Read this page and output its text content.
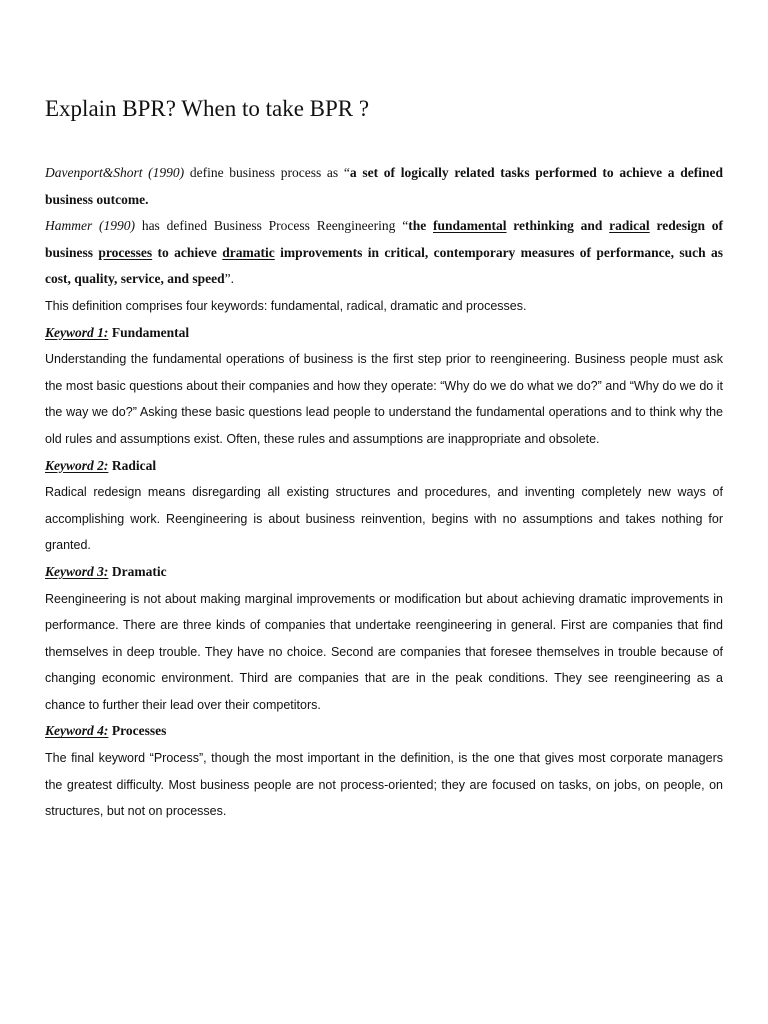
Explain BPR? When to take BPR ?

Davenport&Short (1990) define business process as “a set of logically related tasks performed to achieve a defined business outcome.

Hammer (1990) has defined Business Process Reengineering “the fundamental rethinking and radical redesign of business processes to achieve dramatic improvements in critical, contemporary measures of performance, such as cost, quality, service, and speed”.

This definition comprises four keywords: fundamental, radical, dramatic and processes.

Keyword 1: Fundamental

Understanding the fundamental operations of business is the first step prior to reengineering. Business people must ask the most basic questions about their companies and how they operate: “Why do we do what we do?” and “Why do we do it the way we do?” Asking these basic questions lead people to understand the fundamental operations and to think why the old rules and assumptions exist. Often, these rules and assumptions are inappropriate and obsolete.

Keyword 2: Radical

Radical redesign means disregarding all existing structures and procedures, and inventing completely new ways of accomplishing work. Reengineering is about business reinvention, begins with no assumptions and takes nothing for granted.

Keyword 3: Dramatic

Reengineering is not about making marginal improvements or modification but about achieving dramatic improvements in performance. There are three kinds of companies that undertake reengineering in general. First are companies that find themselves in deep trouble. They have no choice. Second are companies that foresee themselves in trouble because of changing economic environment. Third are companies that are in the peak conditions. They see reengineering as a chance to further their lead over their competitors.

Keyword 4: Processes

The final keyword “Process”, though the most important in the definition, is the one that gives most corporate managers the greatest difficulty. Most business people are not process-oriented; they are focused on tasks, on jobs, on people, on structures, but not on processes.
